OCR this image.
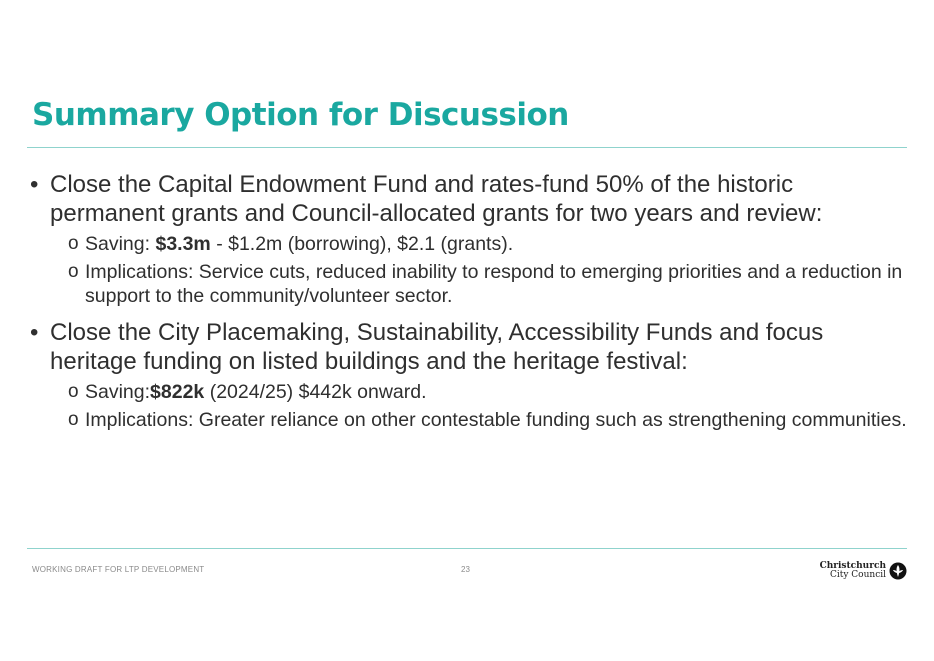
Summary Option for Discussion
• Close the Capital Endowment Fund and rates-fund 50% of the historic permanent grants and Council-allocated grants for two years and review:
o Saving: $3.3m - $1.2m (borrowing), $2.1 (grants).
o Implications: Service cuts, reduced inability to respond to emerging priorities and a reduction in support to the community/volunteer sector.
• Close the City Placemaking, Sustainability, Accessibility Funds and focus heritage funding on listed buildings and the heritage festival:
o Saving:$822k (2024/25) $442k onward.
o Implications: Greater reliance on other contestable funding such as strengthening communities.
WORKING DRAFT FOR LTP DEVELOPMENT	23	Christchurch
City Council
